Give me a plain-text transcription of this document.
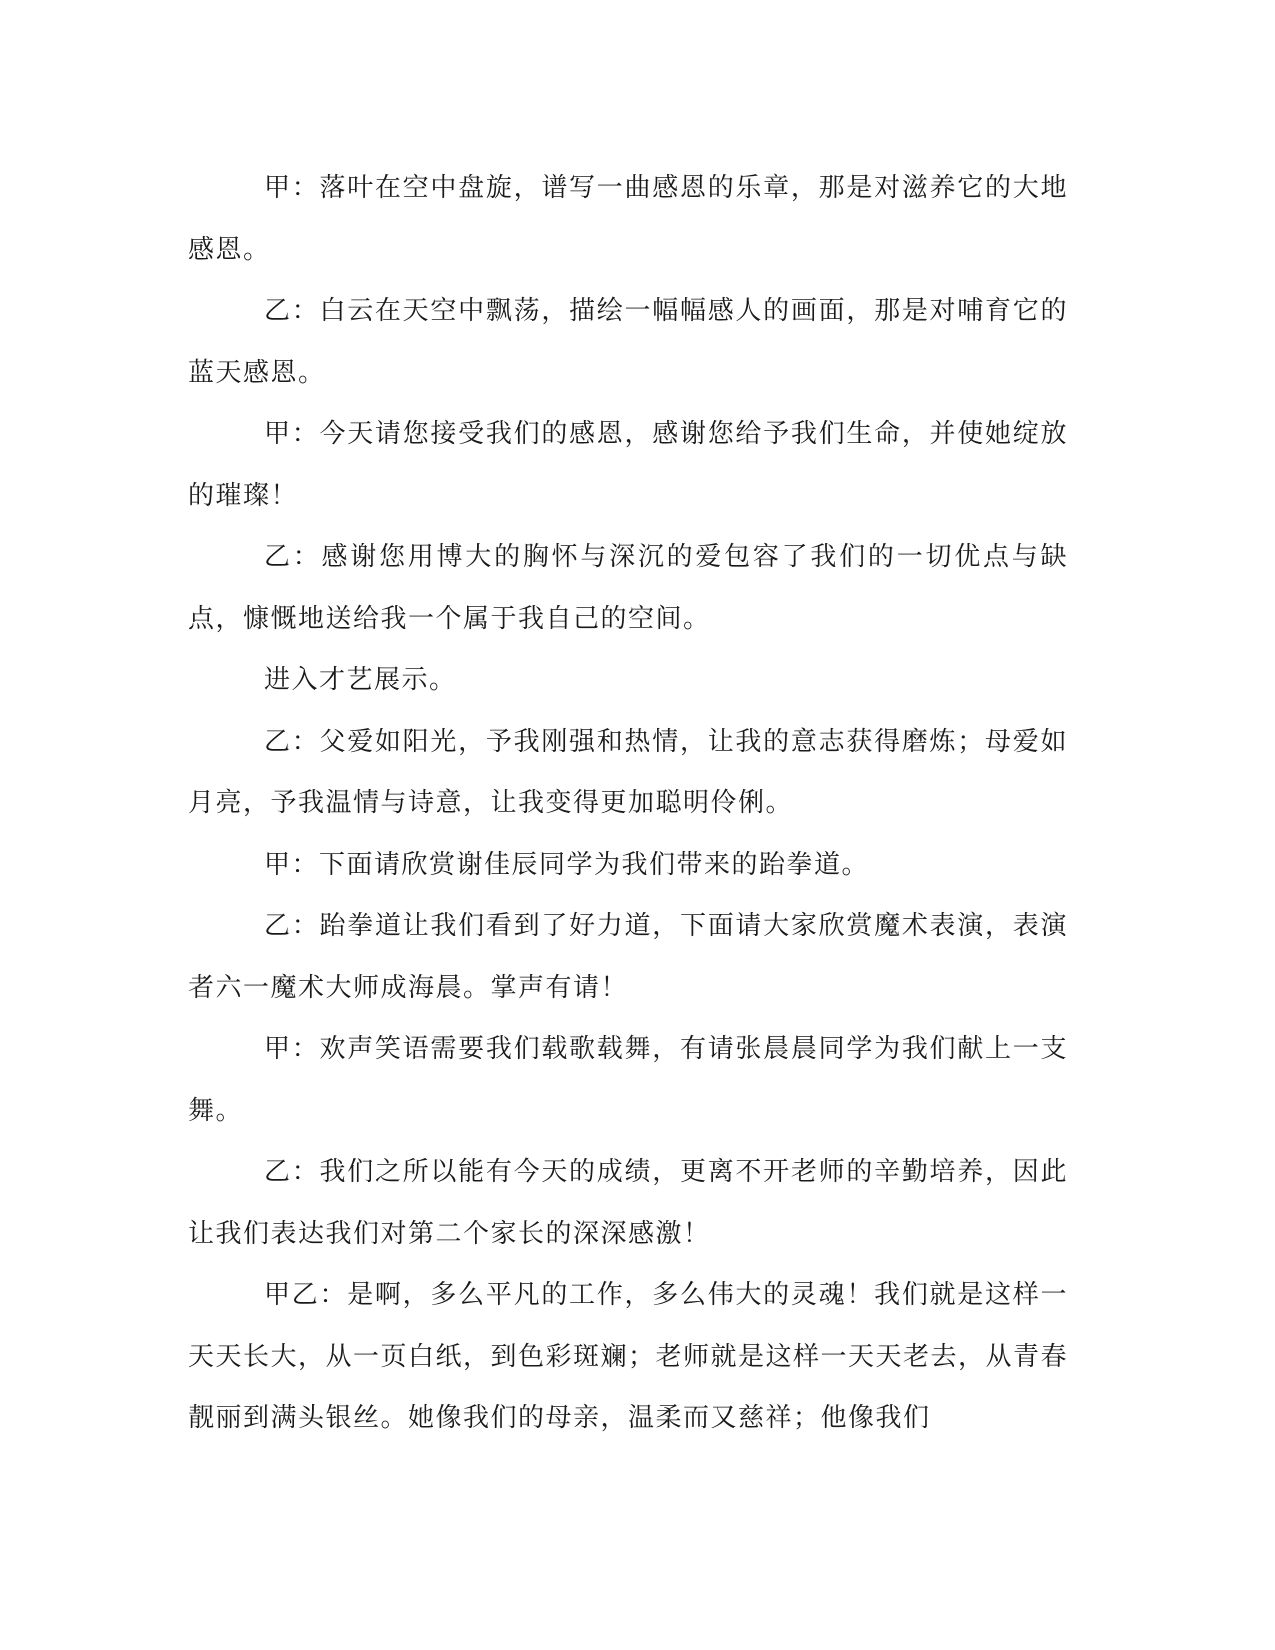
甲：落叶在空中盘旋，谱写一曲感恩的乐章，那是对滋养它的大地感恩。

乙：白云在天空中飘荡，描绘一幅幅感人的画面，那是对哺育它的蓝天感恩。

甲：今天请您接受我们的感恩，感谢您给予我们生命，并使她绽放的璀璨！

乙：感谢您用博大的胸怀与深沉的爱包容了我们的一切优点与缺点，慷慨地送给我一个属于我自己的空间。

进入才艺展示。

乙：父爱如阳光，予我刚强和热情，让我的意志获得磨炼；母爱如月亮，予我温情与诗意，让我变得更加聪明伶俐。

甲：下面请欣赏谢佳辰同学为我们带来的跆拳道。

乙：跆拳道让我们看到了好力道，下面请大家欣赏魔术表演，表演者六一魔术大师成海晨。掌声有请！

甲：欢声笑语需要我们载歌载舞，有请张晨晨同学为我们献上一支舞。

乙：我们之所以能有今天的成绩，更离不开老师的辛勤培养，因此让我们表达我们对第二个家长的深深感激！

甲乙：是啊，多么平凡的工作，多么伟大的灵魂！我们就是这样一天天长大，从一页白纸，到色彩斑斓；老师就是这样一天天老去，从青春靓丽到满头银丝。她像我们的母亲，温柔而又慈祥；他像我们
